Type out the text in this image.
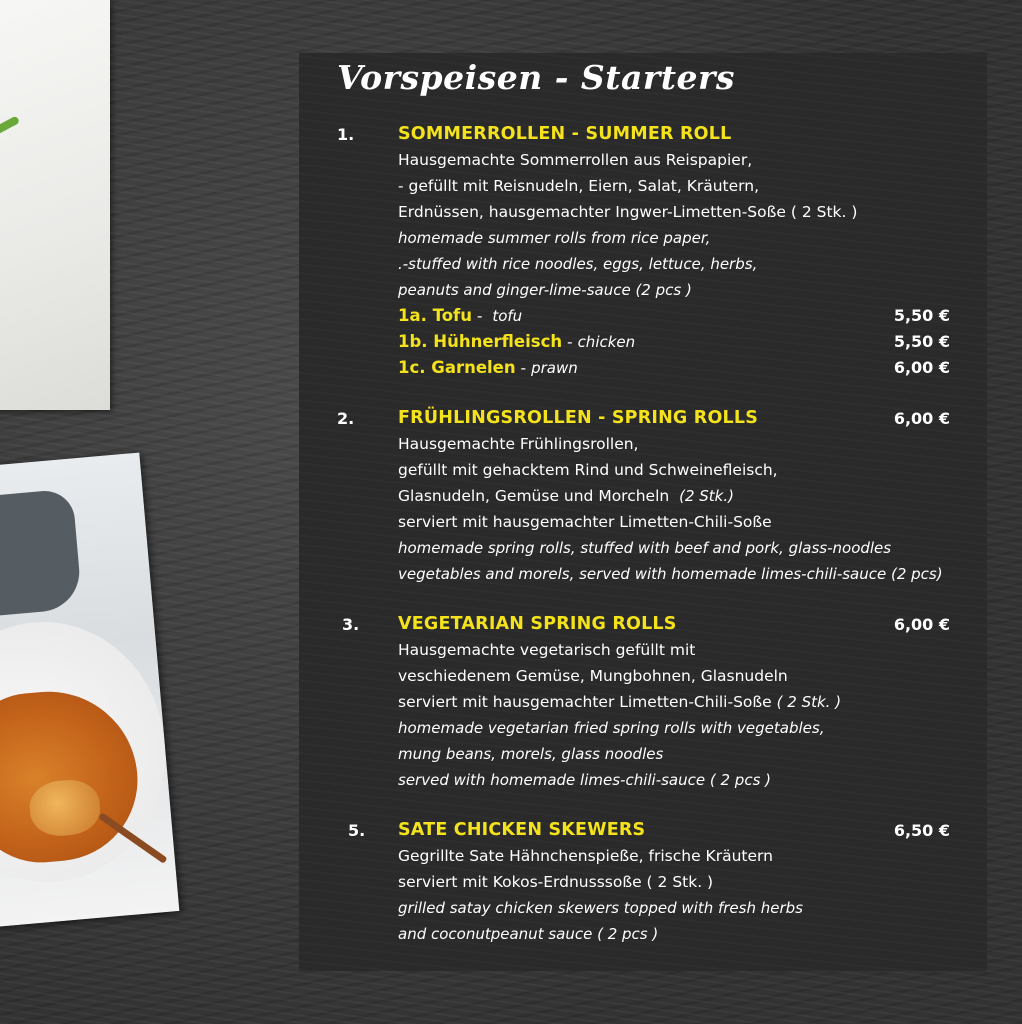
Vorspeisen - Starters
1.	SOMMERROLLEN - SUMMER ROLL
Hausgemachte Sommerrollen aus Reispapier,
- gefüllt mit Reisnudeln, Eiern, Salat, Kräutern,
Erdnüssen, hausgemachter Ingwer-Limetten-Soße ( 2 Stk. )
homemade summer rolls from rice paper,
.-stuffed with rice noodles, eggs, lettuce, herbs,
peanuts and ginger-lime-sauce (2 pcs )
1a. Tofu -  tofu	5,50 €
1b. Hühnerfleisch - chicken	5,50 €
1c. Garnelen - prawn	6,00 €
2.	FRÜHLINGSROLLEN - SPRING ROLLS	6,00 €
Hausgemachte Frühlingsrollen,
gefüllt mit gehacktem Rind und Schweinefleisch,
Glasnudeln, Gemüse und Morcheln (2 Stk.)
serviert mit hausgemachter Limetten-Chili-Soße
homemade spring rolls, stuffed with beef and pork, glass-noodles
vegetables and morels, served with homemade limes-chili-sauce (2 pcs)
3. VEGETARIAN SPRING ROLLS	6,00 €
Hausgemachte vegetarisch gefüllt mit
veschiedenem Gemüse, Mungbohnen, Glasnudeln
serviert mit hausgemachter Limetten-Chili-Soße ( 2 Stk. )
homemade vegetarian fried spring rolls with vegetables,
mung beans, morels, glass noodles
served with homemade limes-chili-sauce ( 2 pcs )
5. SATE CHICKEN SKEWERS	6,50 €
Gegrillte Sate Hähnchenspieße, frische Kräutern
serviert mit Kokos-Erdnusssoße ( 2 Stk. )
grilled satay chicken skewers topped with fresh herbs
and coconutpeanut sauce ( 2 pcs )
